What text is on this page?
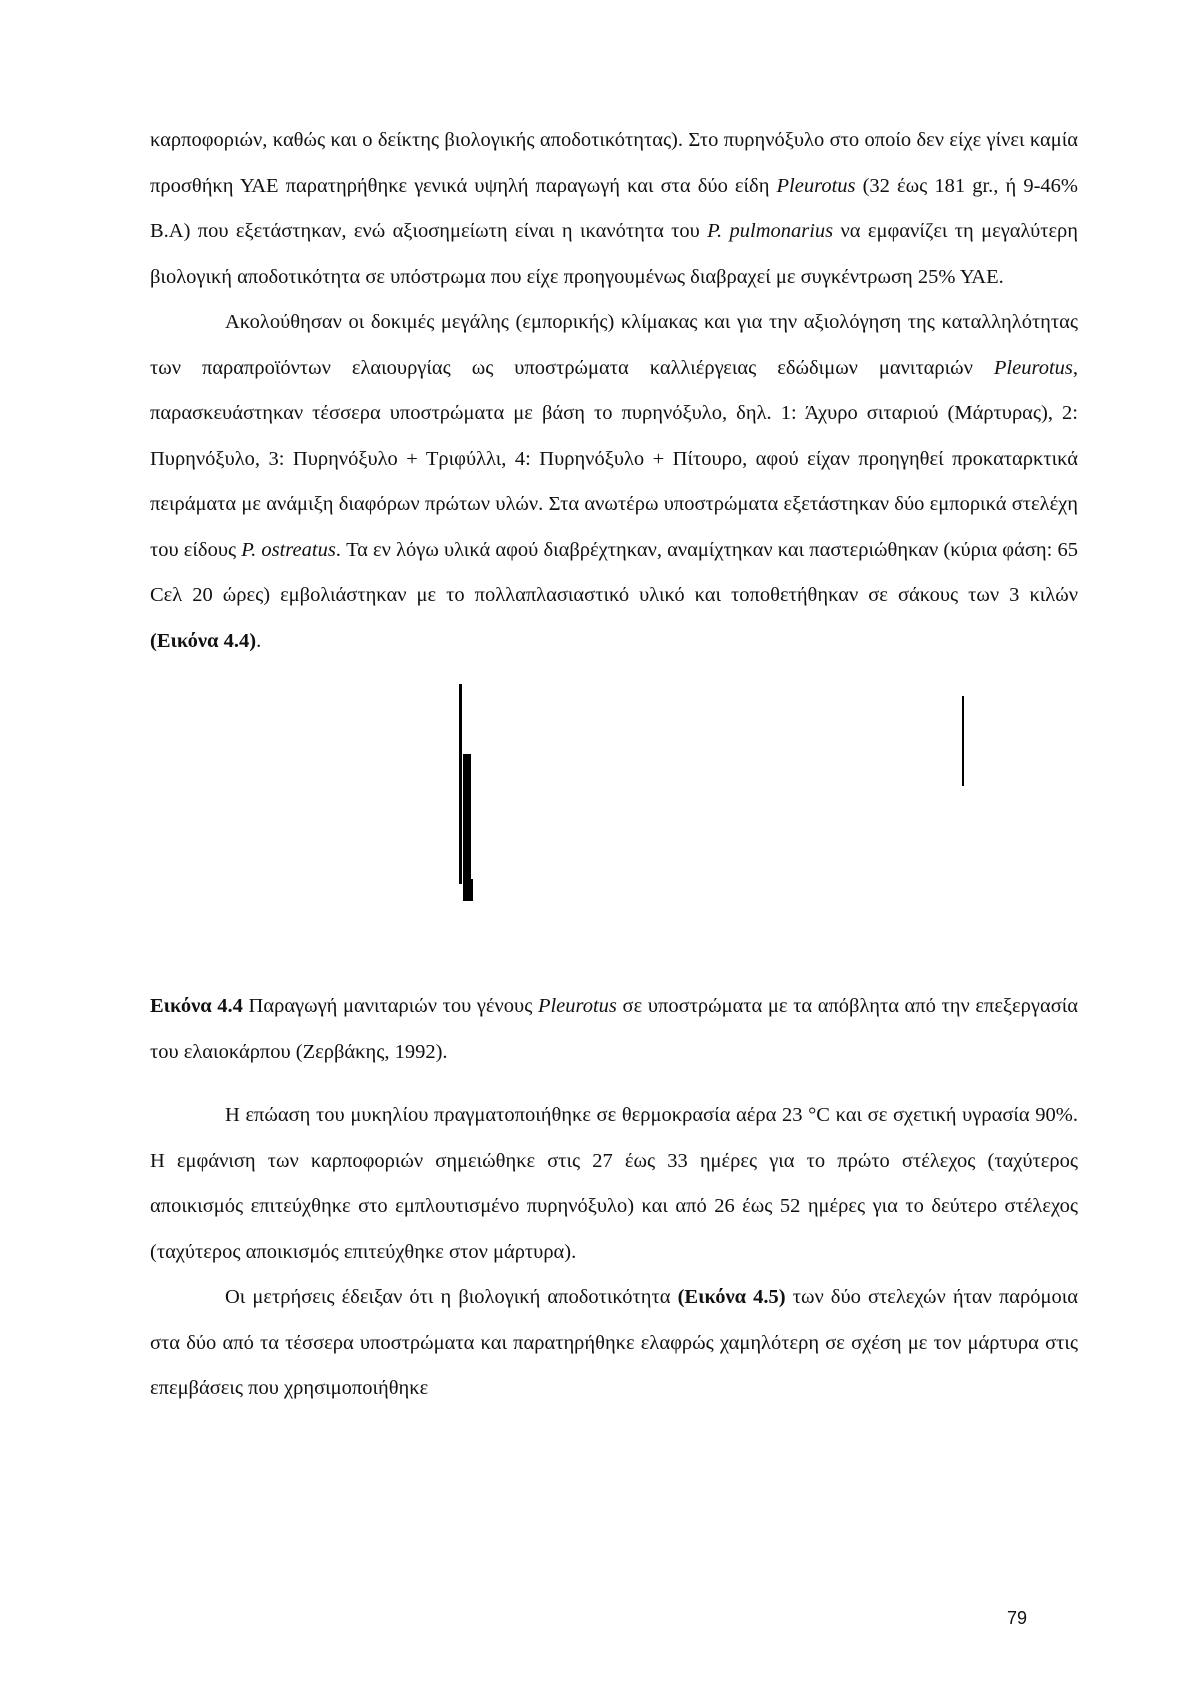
καρποφοριών, καθώς και ο δείκτης βιολογικής αποδοτικότητας). Στο πυρηνόξυλο στο οποίο δεν είχε γίνει καμία προσθήκη ΥΑΕ παρατηρήθηκε γενικά υψηλή παραγωγή και στα δύο είδη Pleurotus (32 έως 181 gr., ή 9-46% B.A) που εξετάστηκαν, ενώ αξιοσημείωτη είναι η ικανότητα του P. pulmonarius να εμφανίζει τη μεγαλύτερη βιολογική αποδοτικότητα σε υπόστρωμα που είχε προηγουμένως διαβραχεί με συγκέντρωση 25% ΥΑΕ.

Ακολούθησαν οι δοκιμές μεγάλης (εμπορικής) κλίμακας και για την αξιολόγηση της καταλληλότητας των παραπροϊόντων ελαιουργίας ως υποστρώματα καλλιέργειας εδώδιμων μανιταριών Pleurotus, παρασκευάστηκαν τέσσερα υποστρώματα με βάση το πυρηνόξυλο, δηλ. 1: Άχυρο σιταριού (Μάρτυρας), 2: Πυρηνόξυλο, 3: Πυρηνόξυλο + Τριφύλλι, 4: Πυρηνόξυλο + Πίτουρο, αφού είχαν προηγηθεί προκαταρκτικά πειράματα με ανάμιξη διαφόρων πρώτων υλών. Στα ανωτέρω υποστρώματα εξετάστηκαν δύο εμπορικά στελέχη του είδους P. ostreatus. Τα εν λόγω υλικά αφού διαβρέχτηκαν, αναμίχτηκαν και παστεριώθηκαν (κύρια φάση: 65 Cελ 20 ώρες) εμβολιάστηκαν με το πολλαπλασιαστικό υλικό και τοποθετήθηκαν σε σάκους των 3 κιλών (Εικόνα 4.4).

Εικόνα 4.4 Παραγωγή μανιταριών του γένους Pleurotus σε υποστρώματα με τα απόβλητα από την επεξεργασία του ελαιοκάρπου (Ζερβάκης, 1992).

Η επώαση του μυκηλίου πραγματοποιήθηκε σε θερμοκρασία αέρα 23 °C και σε σχετική υγρασία 90%. Η εμφάνιση των καρποφοριών σημειώθηκε στις 27 έως 33 ημέρες για το πρώτο στέλεχος (ταχύτερος αποικισμός επιτεύχθηκε στο εμπλουτισμένο πυρηνόξυλο) και από 26 έως 52 ημέρες για το δεύτερο στέλεχος (ταχύτερος αποικισμός επιτεύχθηκε στον μάρτυρα).

Οι μετρήσεις έδειξαν ότι η βιολογική αποδοτικότητα (Εικόνα 4.5) των δύο στελεχών ήταν παρόμοια στα δύο από τα τέσσερα υποστρώματα και παρατηρήθηκε ελαφρώς χαμηλότερη σε σχέση με τον μάρτυρα στις επεμβάσεις που χρησιμοποιήθηκε

79
